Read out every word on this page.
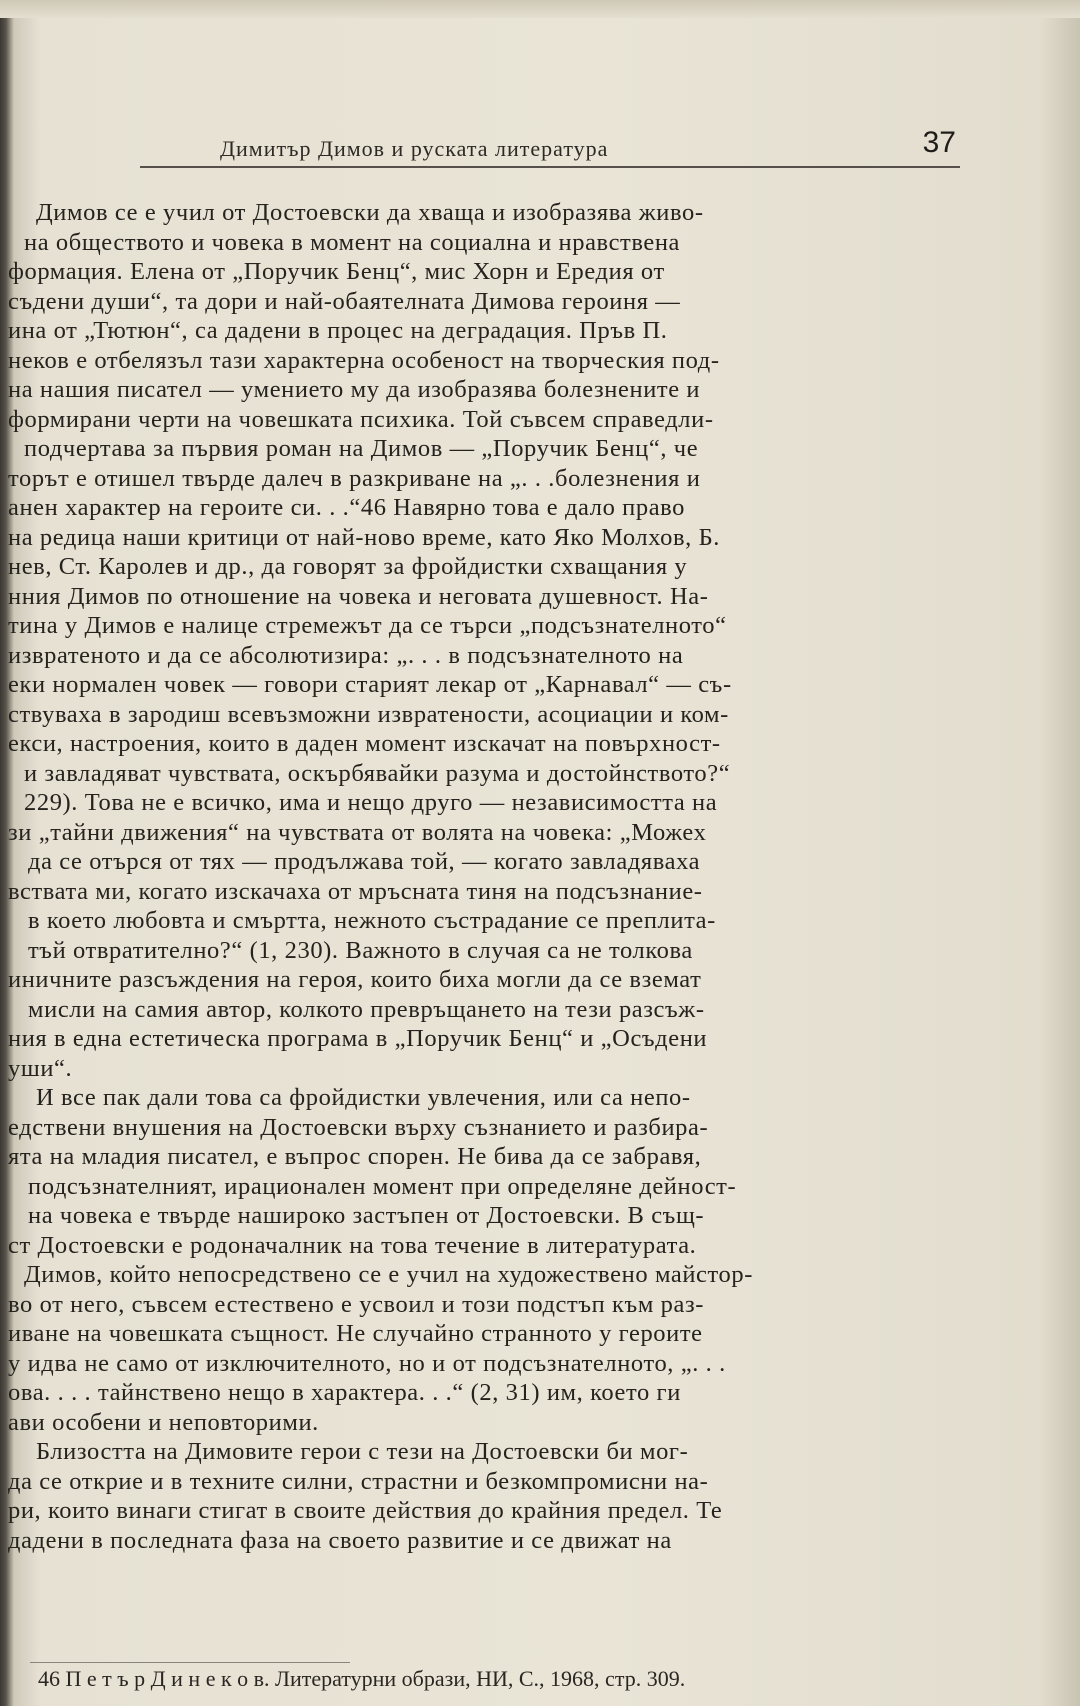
Димитър Димов и руската литература	37
Димов се е учил от Достоевски да хваща и изобразява живо-
на обществото и човека в момент на социална и нравствена
формация. Елена от „Поручик Бенц“, мис Хорн и Ередия от
съдени души“, та дори и най-обаятелната Димова героиня —
ина от „Тютюн“, са дадени в процес на деградация. Пръв П.
неков е отбелязъл тази характерна особеност на творческия под-
на нашия писател — умението му да изобразява болезнените и
формирани черти на човешката психика. Той съвсем справедли-
подчертава за първия роман на Димов — „Поручик Бенц“, че
торът е отишел твърде далеч в разкриване на „. . .болезнения и
анен характер на героите си. . .“46 Навярно това е дало право
на редица наши критици от най-ново време, като Яко Молхов, Б.
нев, Ст. Каролев и др., да говорят за фройдистки схващания у
нния Димов по отношение на човека и неговата душевност. На-
тина у Димов е налице стремежът да се търси „подсъзнателното“
извратеното и да се абсолютизира: „. . . в подсъзнателното на
еки нормален човек — говори старият лекар от „Карнавал“ — съ-
ствуваха в зародиш всевъзможни извратености, асоциации и ком-
екси, настроения, които в даден момент изскачат на повърхност-
и завладяват чувствата, оскърбявайки разума и достойнството?“
229). Това не е всичко, има и нещо друго — независимостта на
зи „тайни движения“ на чувствата от волята на човека: „Можех
да се отърся от тях — продължава той, — когато завладяваха
вствата ми, когато изскачаха от мръсната тиня на подсъзнание-
в което любовта и смъртта, нежното състрадание се преплита-
тъй отвратително?“ (1, 230). Важното в случая са не толкова
иничните разсъждения на героя, които биха могли да се вземат
мисли на самия автор, колкото превръщането на тези разсъж-
ния в една естетическа програма в „Поручик Бенц“ и „Осъдени
уши“.
И все пак дали това са фройдистки увлечения, или са непо-
едствени внушения на Достоевски върху съзнанието и разбира-
ята на младия писател, е въпрос спорен. Не бива да се забравя,
подсъзнателният, ирационален момент при определяне дейност-
на човека е твърде нашироко застъпен от Достоевски. В същ-
ст Достоевски е родоначалник на това течение в литературата.
Димов, който непосредствено се е учил на художествено майстор-
во от него, съвсем естествено е усвоил и този подстъп към раз-
иване на човешката същност. Не случайно странното у героите
у идва не само от изключителното, но и от подсъзнателното, „. . .
ова. . . . тайнствено нещо в характера. . .“ (2, 31) им, което ги
ави особени и неповторими.
Близостта на Димовите герои с тези на Достоевски би мог-
да се открие и в техните силни, страстни и безкомпромисни на-
ри, които винаги стигат в своите действия до крайния предел. Те
дадени в последната фаза на своето развитие и се движат на
46 П е т ъ р Д и н е к о в. Литературни образи, НИ, С., 1968, стр. 309.
